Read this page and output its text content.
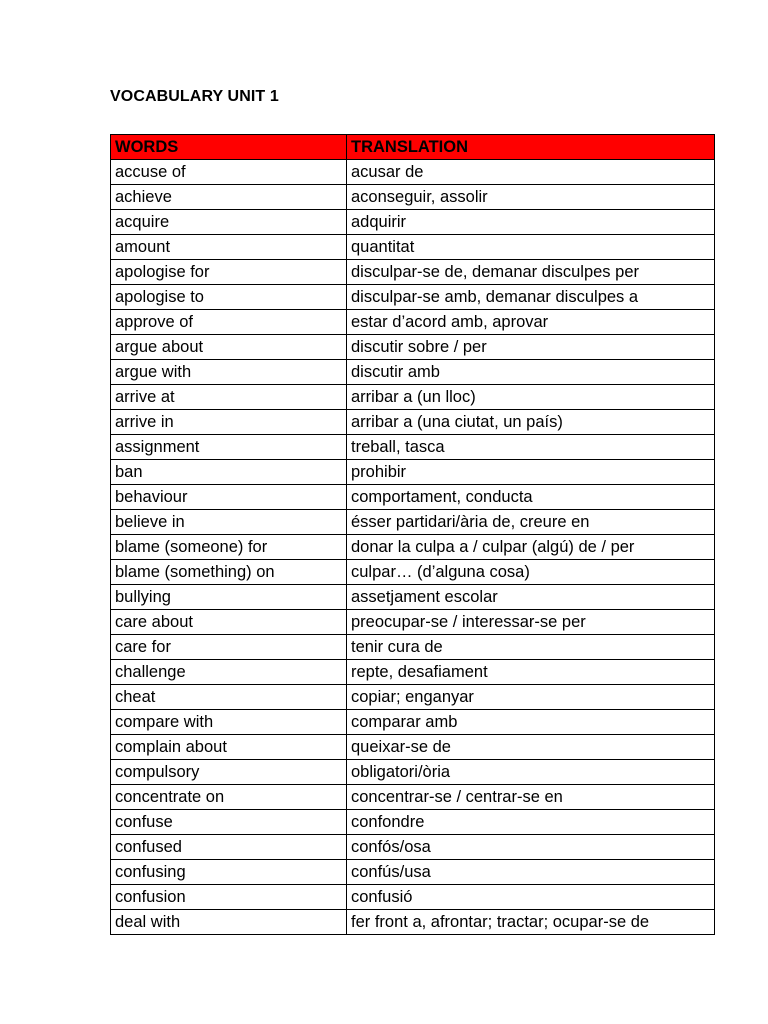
VOCABULARY UNIT 1
WORDS	TRANSLATION
accuse of	acusar de
achieve	aconseguir, assolir
acquire	adquirir
amount	quantitat
apologise for	disculpar-se de, demanar disculpes per
apologise to	disculpar-se amb, demanar disculpes a
approve of	estar d’acord amb, aprovar
argue about	discutir sobre / per
argue with	discutir amb
arrive at	arribar a (un lloc)
arrive in	arribar a (una ciutat, un país)
assignment	treball, tasca
ban	prohibir
behaviour	comportament, conducta
believe in	ésser partidari/ària de, creure en
blame (someone) for	donar la culpa a / culpar (algú) de / per
blame (something) on	culpar… (d’alguna cosa)
bullying	assetjament escolar
care about	preocupar-se / interessar-se per
care for	tenir cura de
challenge	repte, desafiament
cheat	copiar; enganyar
compare with	comparar amb
complain about	queixar-se de
compulsory	obligatori/òria
concentrate on	concentrar-se / centrar-se en
confuse	confondre
confused	confós/osa
confusing	confús/usa
confusion	confusió
deal with	fer front a, afrontar; tractar; ocupar-se de
